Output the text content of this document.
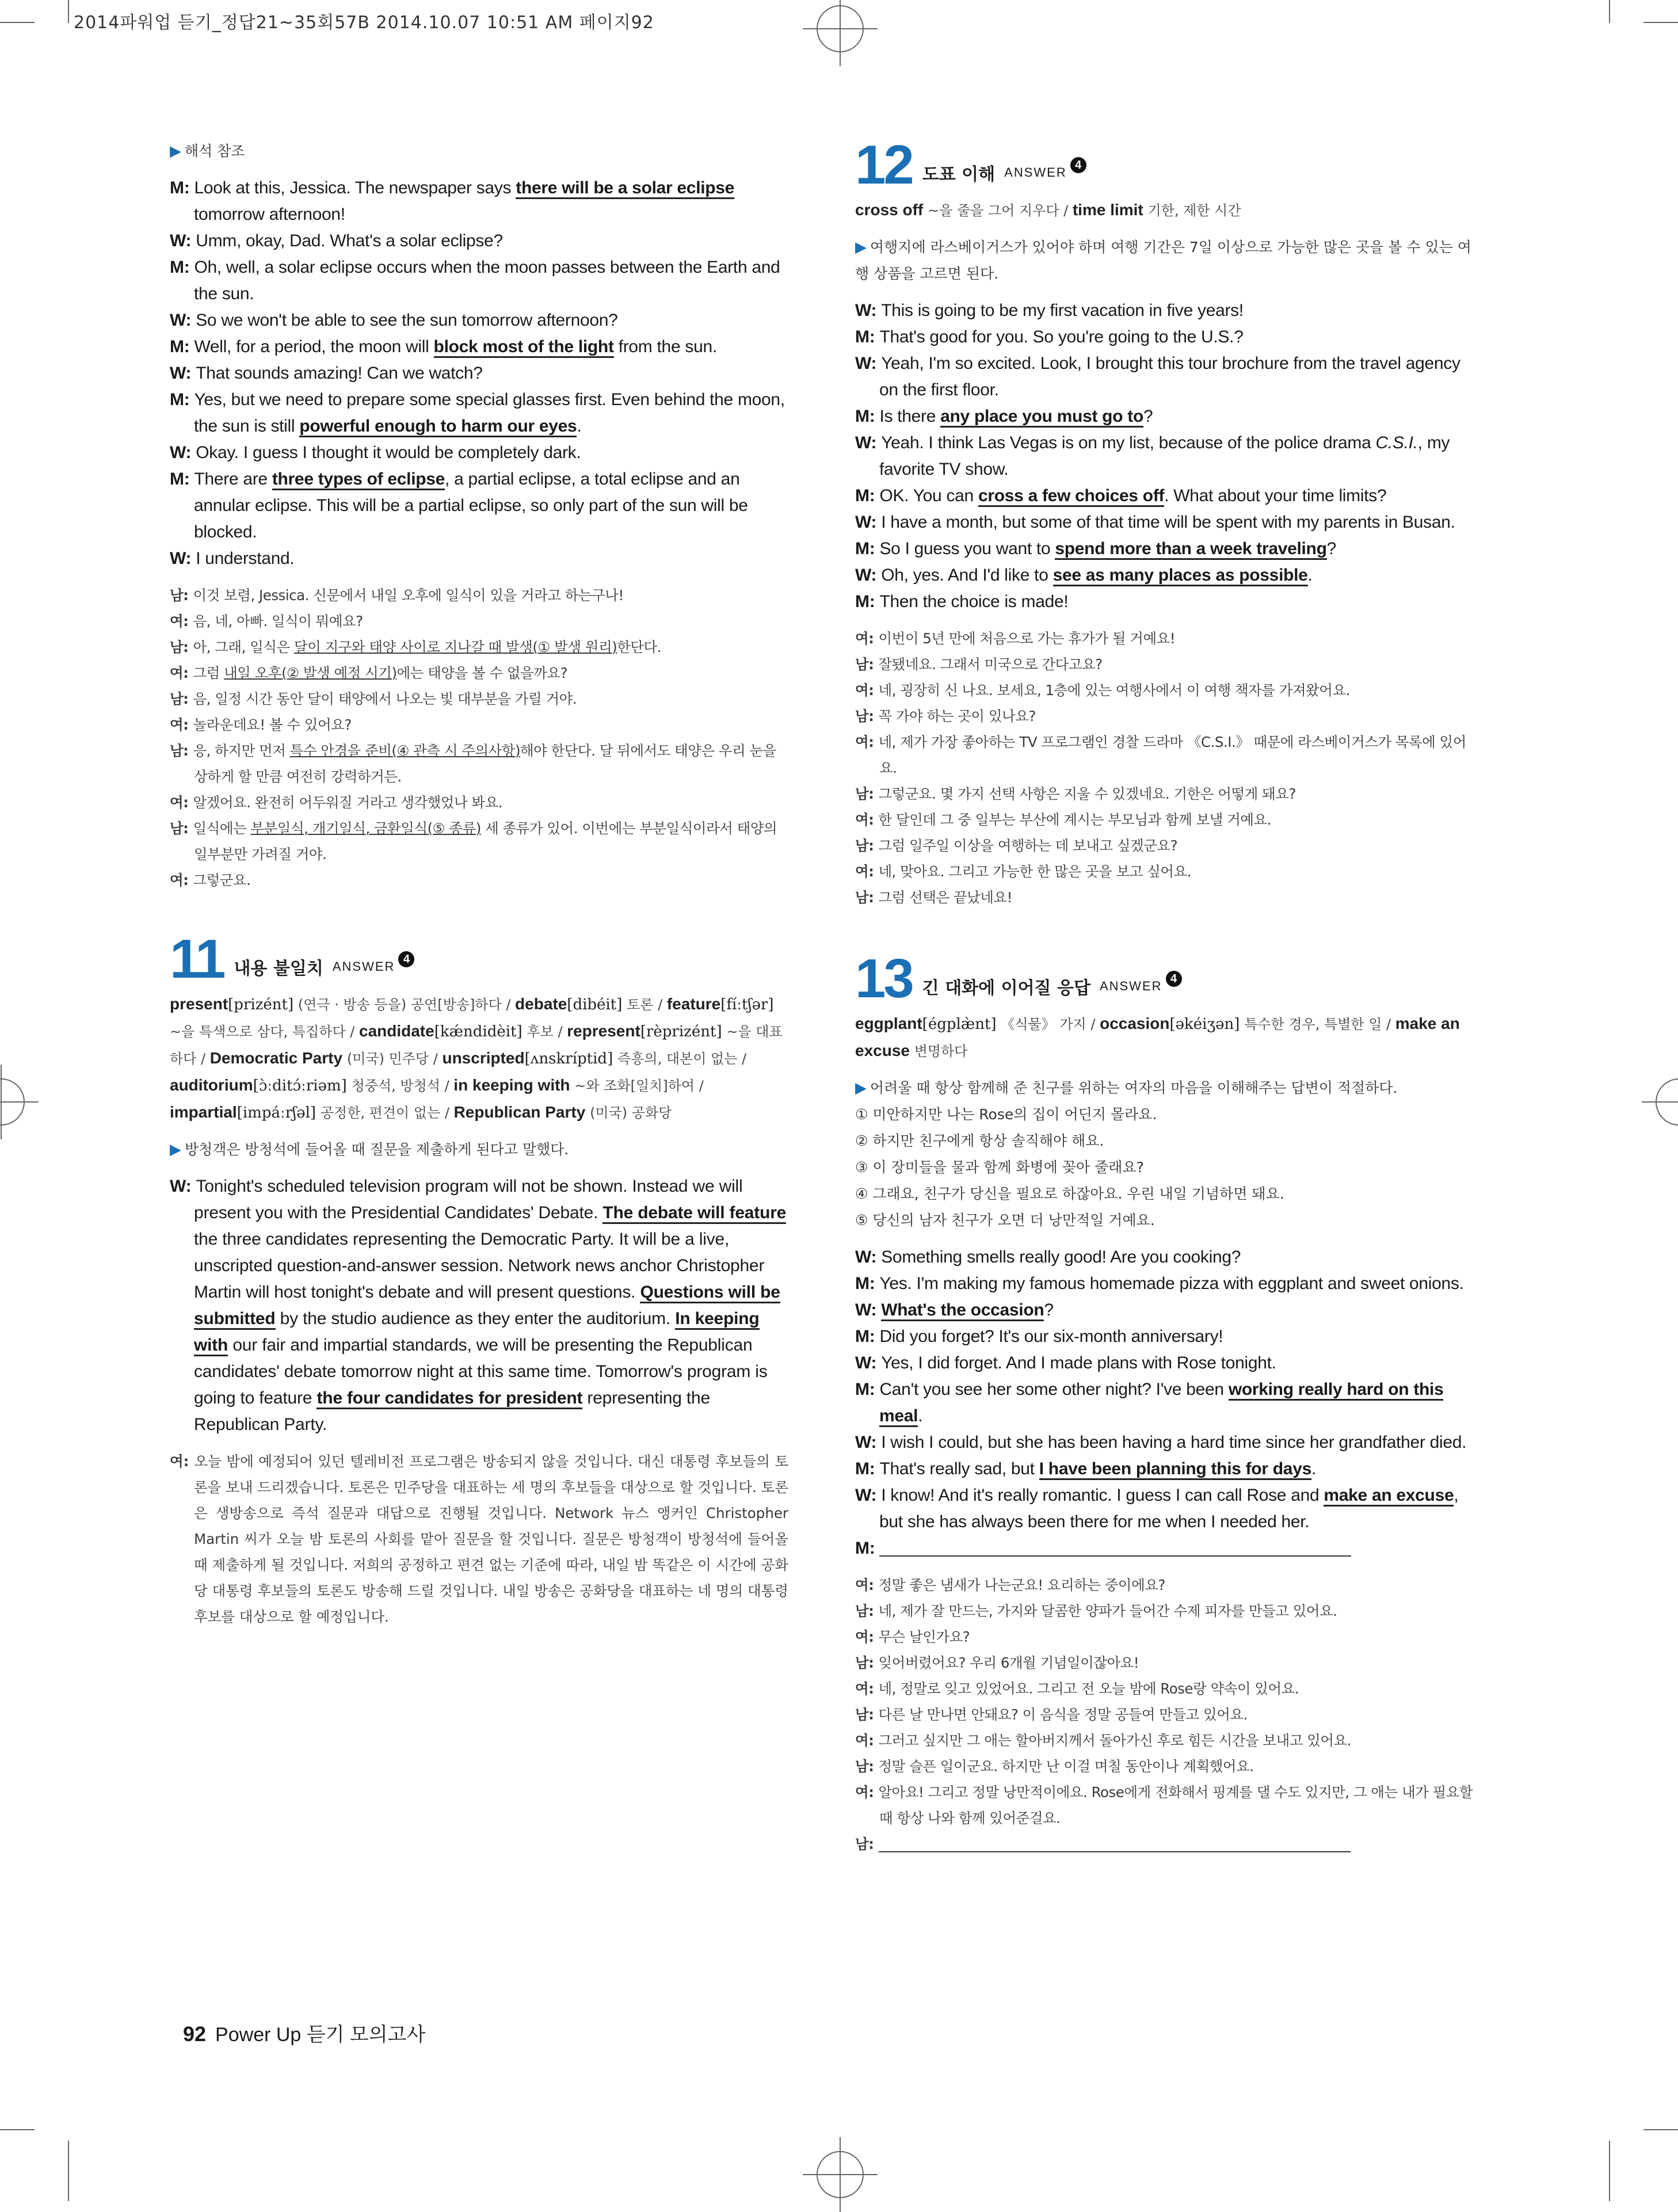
2014파워업 듣기_정답21~35회57B 2014.10.07 10:51 AM 페이지92
▶ 해석 참조
M: Look at this, Jessica. The newspaper says there will be a solar eclipse tomorrow afternoon!
W: Umm, okay, Dad. What's a solar eclipse?
M: Oh, well, a solar eclipse occurs when the moon passes between the Earth and the sun.
W: So we won't be able to see the sun tomorrow afternoon?
M: Well, for a period, the moon will block most of the light from the sun.
W: That sounds amazing! Can we watch?
M: Yes, but we need to prepare some special glasses first. Even behind the moon, the sun is still powerful enough to harm our eyes.
W: Okay. I guess I thought it would be completely dark.
M: There are three types of eclipse, a partial eclipse, a total eclipse and an annular eclipse. This will be a partial eclipse, so only part of the sun will be blocked.
W: I understand.
남: 이것 보렴, Jessica. 신문에서 내일 오후에 일식이 있을 거라고 하는구나!
여: 음, 네, 아빠. 일식이 뭐예요?
남: 아, 그래, 일식은 달이 지구와 태양 사이로 지나갈 때 발생(① 발생 원리)한단다.
여: 그럼 내일 오후(② 발생 예정 시기)에는 태양을 볼 수 없을까요?
남: 음, 일정 시간 동안 달이 태양에서 나오는 빛 대부분을 가릴 거야.
여: 놀라운데요! 볼 수 있어요?
남: 응, 하지만 먼저 특수 안경을 준비(④ 관측 시 주의사항)해야 한단다. 달 뒤에서도 태양은 우리 눈을 상하게 할 만큼 여전히 강력하거든.
여: 알겠어요. 완전히 어두워질 거라고 생각했었나 봐요.
남: 일식에는 부분일식, 개기일식, 금환일식(⑤ 종류) 세 종류가 있어. 이번에는 부분일식이라서 태양의 일부분만 가려질 거야.
여: 그렇군요.
11 내용 불일치 ANSWER 4
present[prizént] (연극 · 방송 등을) 공연[방송]하다 / debate[dibéit] 토론 / feature[fíːtʃər] ~을 특색으로 삼다, 특집하다 / candidate[kǽndidèit] 후보 / represent[rèprizént] ~을 대표하다 / Democratic Party (미국) 민주당 / unscripted[ʌnskríptid] 즉흥의, 대본이 없는 / auditorium[ɔ̀ːditɔ́ːriəm] 청중석, 방청석 / in keeping with ~와 조화[일치]하여 / impartial[impáːrʃəl] 공정한, 편견이 없는 / Republican Party (미국) 공화당
▶ 방청객은 방청석에 들어올 때 질문을 제출하게 된다고 말했다.
W: Tonight's scheduled television program will not be shown. Instead we will present you with the Presidential Candidates' Debate. The debate will feature the three candidates representing the Democratic Party. It will be a live, unscripted question-and-answer session. Network news anchor Christopher Martin will host tonight's debate and will present questions. Questions will be submitted by the studio audience as they enter the auditorium. In keeping with our fair and impartial standards, we will be presenting the Republican candidates' debate tomorrow night at this same time. Tomorrow's program is going to feature the four candidates for president representing the Republican Party.
여: 오늘 밤에 예정되어 있던 텔레비전 프로그램은 방송되지 않을 것입니다. 대신 대통령 후보들의 토론을 보내 드리겠습니다. 토론은 민주당을 대표하는 세 명의 후보들을 대상으로 할 것입니다. 토론은 생방송으로 즉석 질문과 대답으로 진행될 것입니다. Network 뉴스 앵커인 Christopher Martin 씨가 오늘 밤 토론의 사회를 맡아 질문을 할 것입니다. 질문은 방청객이 방청석에 들어올 때 제출하게 될 것입니다. 저희의 공정하고 편견 없는 기준에 따라, 내일 밤 똑같은 이 시간에 공화당 대통령 후보들의 토론도 방송해 드릴 것입니다. 내일 방송은 공화당을 대표하는 네 명의 대통령 후보를 대상으로 할 예정입니다.
12 도표 이해 ANSWER 4
cross off ~을 줄을 그어 지우다 / time limit 기한, 제한 시간
▶ 여행지에 라스베이거스가 있어야 하며 여행 기간은 7일 이상으로 가능한 많은 곳을 볼 수 있는 여행 상품을 고르면 된다.
W: This is going to be my first vacation in five years!
M: That's good for you. So you're going to the U.S.?
W: Yeah, I'm so excited. Look, I brought this tour brochure from the travel agency on the first floor.
M: Is there any place you must go to?
W: Yeah. I think Las Vegas is on my list, because of the police drama C.S.I., my favorite TV show.
M: OK. You can cross a few choices off. What about your time limits?
W: I have a month, but some of that time will be spent with my parents in Busan.
M: So I guess you want to spend more than a week traveling?
W: Oh, yes. And I'd like to see as many places as possible.
M: Then the choice is made!
여: 이번이 5년 만에 처음으로 가는 휴가가 될 거예요!
남: 잘됐네요. 그래서 미국으로 간다고요?
여: 네, 굉장히 신 나요. 보세요, 1층에 있는 여행사에서 이 여행 책자를 가져왔어요.
남: 꼭 가야 하는 곳이 있나요?
여: 네, 제가 가장 좋아하는 TV 프로그램인 경찰 드라마 《C.S.I.》 때문에 라스베이거스가 목록에 있어요.
남: 그렇군요. 몇 가지 선택 사항은 지울 수 있겠네요. 기한은 어떻게 돼요?
여: 한 달인데 그 중 일부는 부산에 계시는 부모님과 함께 보낼 거예요.
남: 그럼 일주일 이상을 여행하는 데 보내고 싶겠군요?
여: 네, 맞아요. 그리고 가능한 한 많은 곳을 보고 싶어요.
남: 그럼 선택은 끝났네요!
13 긴 대화에 이어질 응답 ANSWER 4
eggplant[égplæ̀nt] 《식물》 가지 / occasion[əkéiʒən] 특수한 경우, 특별한 일 / make an excuse 변명하다
▶ 어려울 때 항상 함께해 준 친구를 위하는 여자의 마음을 이해해주는 답변이 적절하다.
① 미안하지만 나는 Rose의 집이 어딘지 몰라요.
② 하지만 친구에게 항상 솔직해야 해요.
③ 이 장미들을 물과 함께 화병에 꽂아 줄래요?
④ 그래요, 친구가 당신을 필요로 하잖아요. 우린 내일 기념하면 돼요.
⑤ 당신의 남자 친구가 오면 더 낭만적일 거예요.
W: Something smells really good! Are you cooking?
M: Yes. I'm making my famous homemade pizza with eggplant and sweet onions.
W: What's the occasion?
M: Did you forget? It's our six-month anniversary!
W: Yes, I did forget. And I made plans with Rose tonight.
M: Can't you see her some other night? I've been working really hard on this meal.
W: I wish I could, but she has been having a hard time since her grandfather died.
M: That's really sad, but I have been planning this for days.
W: I know! And it's really romantic. I guess I can call Rose and make an excuse, but she has always been there for me when I needed her.
M:
여: 정말 좋은 냄새가 나는군요! 요리하는 중이에요?
남: 네, 제가 잘 만드는, 가지와 달콤한 양파가 들어간 수제 피자를 만들고 있어요.
여: 무슨 날인가요?
남: 잊어버렸어요? 우리 6개월 기념일이잖아요!
여: 네, 정말로 잊고 있었어요. 그리고 전 오늘 밤에 Rose랑 약속이 있어요.
남: 다른 날 만나면 안돼요? 이 음식을 정말 공들여 만들고 있어요.
여: 그러고 싶지만 그 애는 할아버지께서 돌아가신 후로 힘든 시간을 보내고 있어요.
남: 정말 슬픈 일이군요. 하지만 난 이걸 며칠 동안이나 계획했어요.
여: 알아요! 그리고 정말 낭만적이에요. Rose에게 전화해서 핑계를 댈 수도 있지만, 그 애는 내가 필요할 때 항상 나와 함께 있어준걸요.
남:
92 Power Up 듣기 모의고사
